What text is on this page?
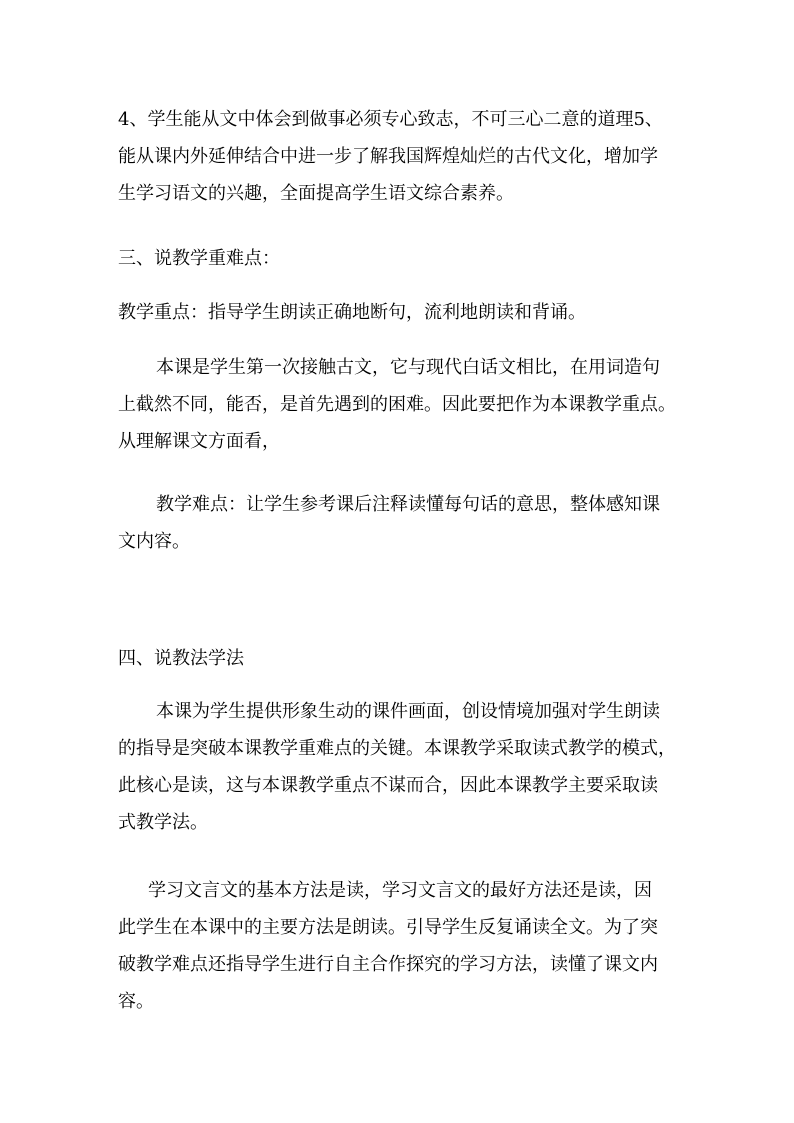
4、学生能从文中体会到做事必须专心致志，不可三心二意的道理5、
能从课内外延伸结合中进一步了解我国辉煌灿烂的古代文化，增加学
生学习语文的兴趣，全面提高学生语文综合素养。
三、说教学重难点：
教学重点：指导学生朗读正确地断句，流利地朗读和背诵。
本课是学生第一次接触古文，它与现代白话文相比，在用词造句
上截然不同，能否，是首先遇到的困难。因此要把作为本课教学重点。
从理解课文方面看，
教学难点：让学生参考课后注释读懂每句话的意思，整体感知课
文内容。
四、说教法学法
本课为学生提供形象生动的课件画面，创设情境加强对学生朗读
的指导是突破本课教学重难点的关键。本课教学采取读式教学的模式，
此核心是读，这与本课教学重点不谋而合，因此本课教学主要采取读
式教学法。
学习文言文的基本方法是读，学习文言文的最好方法还是读，因
此学生在本课中的主要方法是朗读。引导学生反复诵读全文。为了突
破教学难点还指导学生进行自主合作探究的学习方法，读懂了课文内
容。
